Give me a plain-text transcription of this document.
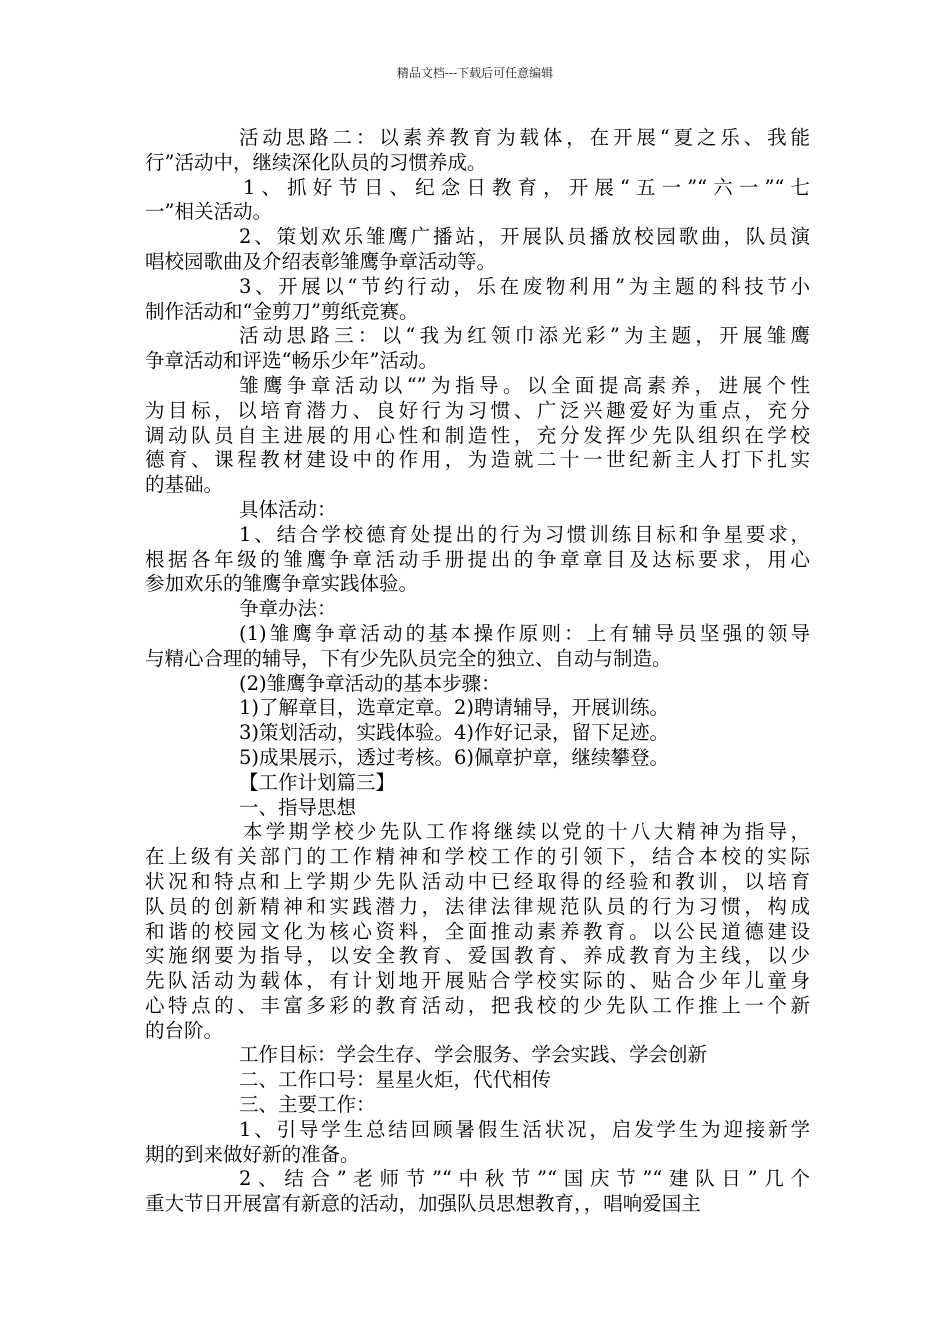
精品文档---下载后可任意编辑
活动思路二：以素养教育为载体，在开展“夏之乐、我能
行”活动中，继续深化队员的习惯养成。
1、抓好节日、纪念日教育，开展“五一”“六一”“七
一”相关活动。
2、策划欢乐雏鹰广播站，开展队员播放校园歌曲，队员演
唱校园歌曲及介绍表彰雏鹰争章活动等。
3、开展以“节约行动，乐在废物利用”为主题的科技节小
制作活动和“金剪刀”剪纸竞赛。
活动思路三：以“我为红领巾添光彩”为主题，开展雏鹰
争章活动和评选“畅乐少年”活动。
雏鹰争章活动以“”为指导。以全面提高素养，进展个性
为目标，以培育潜力、良好行为习惯、广泛兴趣爱好为重点，充分
调动队员自主进展的用心性和制造性，充分发挥少先队组织在学校
德育、课程教材建设中的作用，为造就二十一世纪新主人打下扎实
的基础。
具体活动：
1、结合学校德育处提出的行为习惯训练目标和争星要求，
根据各年级的雏鹰争章活动手册提出的争章章目及达标要求，用心
参加欢乐的雏鹰争章实践体验。
争章办法：
(1)雏鹰争章活动的基本操作原则：上有辅导员坚强的领导
与精心合理的辅导，下有少先队员完全的独立、自动与制造。
(2)雏鹰争章活动的基本步骤：
1)了解章目，选章定章。2)聘请辅导，开展训练。
3)策划活动，实践体验。4)作好记录，留下足迹。
5)成果展示，透过考核。6)佩章护章，继续攀登。
【工作计划篇三】
一、指导思想
本学期学校少先队工作将继续以党的十八大精神为指导，
在上级有关部门的工作精神和学校工作的引领下，结合本校的实际
状况和特点和上学期少先队活动中已经取得的经验和教训，以培育
队员的创新精神和实践潜力，法律法律规范队员的行为习惯，构成
和谐的校园文化为核心资料，全面推动素养教育。以公民道德建设
实施纲要为指导，以安全教育、爱国教育、养成教育为主线，以少
先队活动为载体，有计划地开展贴合学校实际的、贴合少年儿童身
心特点的、丰富多彩的教育活动，把我校的少先队工作推上一个新
的台阶。
工作目标：学会生存、学会服务、学会实践、学会创新
二、工作口号：星星火炬，代代相传
三、主要工作：
1、引导学生总结回顾暑假生活状况，启发学生为迎接新学
期的到来做好新的准备。
2、结合”老师节”“中秋节”“国庆节”“建队日”几个
重大节日开展富有新意的活动，加强队员思想教育，，唱响爱国主
